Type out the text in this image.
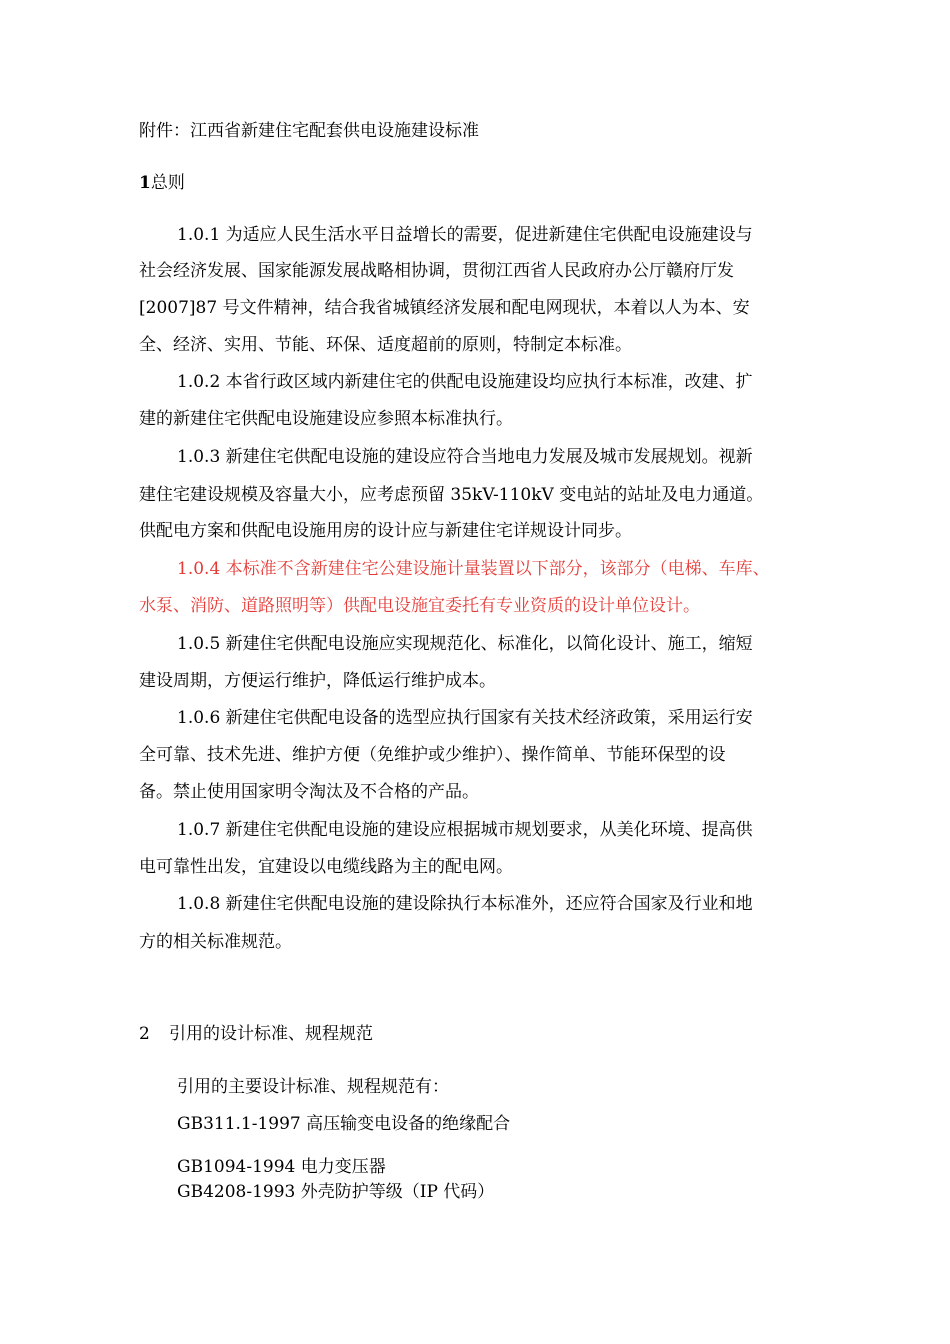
附件：江西省新建住宅配套供电设施建设标准
1总则
1.0.1 为适应人民生活水平日益增长的需要，促进新建住宅供配电设施建设与
社会经济发展、国家能源发展战略相协调，贯彻江西省人民政府办公厅赣府厅发
[2007]87 号文件精神，结合我省城镇经济发展和配电网现状，本着以人为本、安
全、经济、实用、节能、环保、适度超前的原则，特制定本标准。
1.0.2 本省行政区域内新建住宅的供配电设施建设均应执行本标准，改建、扩
建的新建住宅供配电设施建设应参照本标准执行。
1.0.3 新建住宅供配电设施的建设应符合当地电力发展及城市发展规划。视新
建住宅建设规模及容量大小，应考虑预留 35kV-110kV 变电站的站址及电力通道。
供配电方案和供配电设施用房的设计应与新建住宅详规设计同步。
1.0.4 本标准不含新建住宅公建设施计量装置以下部分，该部分（电梯、车库、
水泵、消防、道路照明等）供配电设施宜委托有专业资质的设计单位设计。
1.0.5 新建住宅供配电设施应实现规范化、标准化，以简化设计、施工，缩短
建设周期，方便运行维护，降低运行维护成本。
1.0.6 新建住宅供配电设备的选型应执行国家有关技术经济政策，采用运行安
全可靠、技术先进、维护方便（免维护或少维护）、操作简单、节能环保型的设
备。禁止使用国家明令淘汰及不合格的产品。
1.0.7 新建住宅供配电设施的建设应根据城市规划要求，从美化环境、提高供
电可靠性出发，宜建设以电缆线路为主的配电网。
1.0.8 新建住宅供配电设施的建设除执行本标准外，还应符合国家及行业和地
方的相关标准规范。
2 引用的设计标准、规程规范
引用的主要设计标准、规程规范有：
GB311.1-1997 高压输变电设备的绝缘配合
GB1094-1994 电力变压器
GB4208-1993 外壳防护等级（IP 代码）
